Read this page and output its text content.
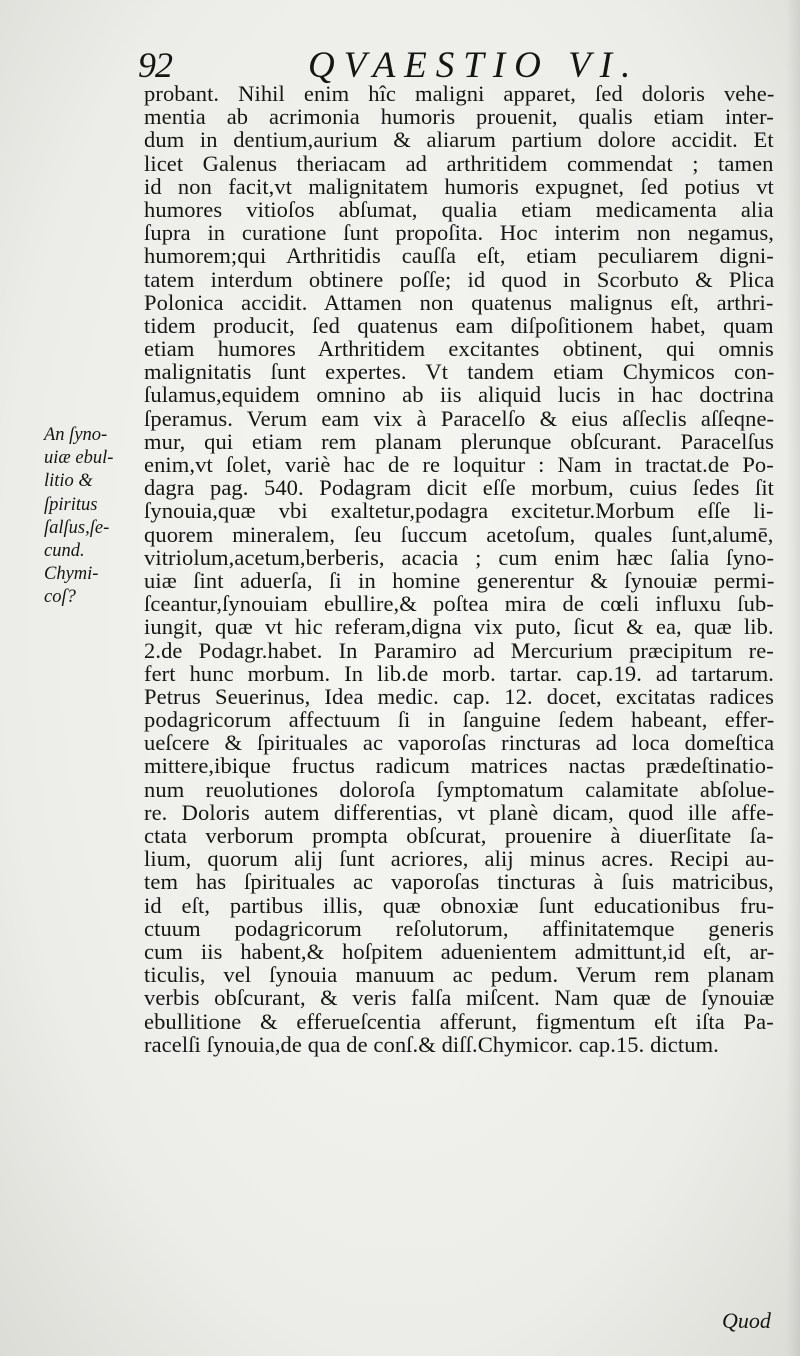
92	QVAESTIO VI.
An ſyno-
uiæ ebul-
litio &
ſpiritus
ſalſus,ſe-
cund.
Chymi-
coſ?
probant. Nihil enim hîc maligni apparet, ſed doloris vehe-
mentia ab acrimonia humoris prouenit, qualis etiam inter-
dum in dentium,aurium & aliarum partium dolore accidit. Et
licet Galenus theriacam ad arthritidem commendat ; tamen
id non facit,vt malignitatem humoris expugnet, ſed potius vt
humores vitioſos abſumat, qualia etiam medicamenta alia
ſupra in curatione ſunt propoſita. Hoc interim non negamus,
humorem;qui Arthritidis cauſſa eſt, etiam peculiarem digni-
tatem interdum obtinere poſſe; id quod in Scorbuto & Plica
Polonica accidit. Attamen non quatenus malignus eſt, arthri-
tidem producit, ſed quatenus eam diſpoſitionem habet, quam
etiam humores Arthritidem excitantes obtinent, qui omnis
malignitatis ſunt expertes. Vt tandem etiam Chymicos con-
ſulamus,equidem omnino ab iis aliquid lucis in hac doctrina
ſperamus. Verum eam vix à Paracelſo & eius aſſeclis aſſeqne-
mur, qui etiam rem planam plerunque obſcurant. Paracelſus
enim,vt ſolet, variè hac de re loquitur : Nam in tractat.de Po-
dagra pag. 540. Podagram dicit eſſe morbum, cuius ſedes ſit
ſynouia,quæ vbi exaltetur,podagra excitetur.Morbum eſſe li-
quorem mineralem, ſeu ſuccum acetoſum, quales ſunt,alumē,
vitriolum,acetum,berberis, acacia ; cum enim hæc ſalia ſyno-
uiæ ſint aduerſa, ſi in homine generentur & ſynouiæ permi-
ſceantur,ſynouiam ebullire,& poſtea mira de cœli influxu ſub-
iungit, quæ vt hic referam,digna vix puto, ſicut & ea, quæ lib.
2.de Podagr.habet. In Paramiro ad Mercurium præcipitum re-
fert hunc morbum. In lib.de morb. tartar. cap.19. ad tartarum.
Petrus Seuerinus, Idea medic. cap. 12. docet, excitatas radices
podagricorum affectuum ſi in ſanguine ſedem habeant, effer-
ueſcere & ſpirituales ac vaporoſas rincturas ad loca domeſtica
mittere,ibique fructus radicum matrices nactas prædeſtinatio-
num reuolutiones doloroſa ſymptomatum calamitate abſolue-
re. Doloris autem differentias, vt planè dicam, quod ille affe-
ctata verborum prompta obſcurat, prouenire à diuerſitate ſa-
lium, quorum alij ſunt acriores, alij minus acres. Recipi au-
tem has ſpirituales ac vaporoſas tincturas à ſuis matricibus,
id eſt, partibus illis, quæ obnoxiæ ſunt educationibus fru-
ctuum podagricorum reſolutorum, affinitatemque generis
cum iis habent,& hoſpitem aduenientem admittunt,id eſt, ar-
ticulis, vel ſynouia manuum ac pedum. Verum rem planam
verbis obſcurant, & veris falſa miſcent. Nam quæ de ſynouiæ
ebullitione & efferueſcentia afferunt, figmentum eſt iſta Pa-
racelſi ſynouia,de qua de conſ.& diſſ.Chymicor. cap.15. dictum.
Quod
